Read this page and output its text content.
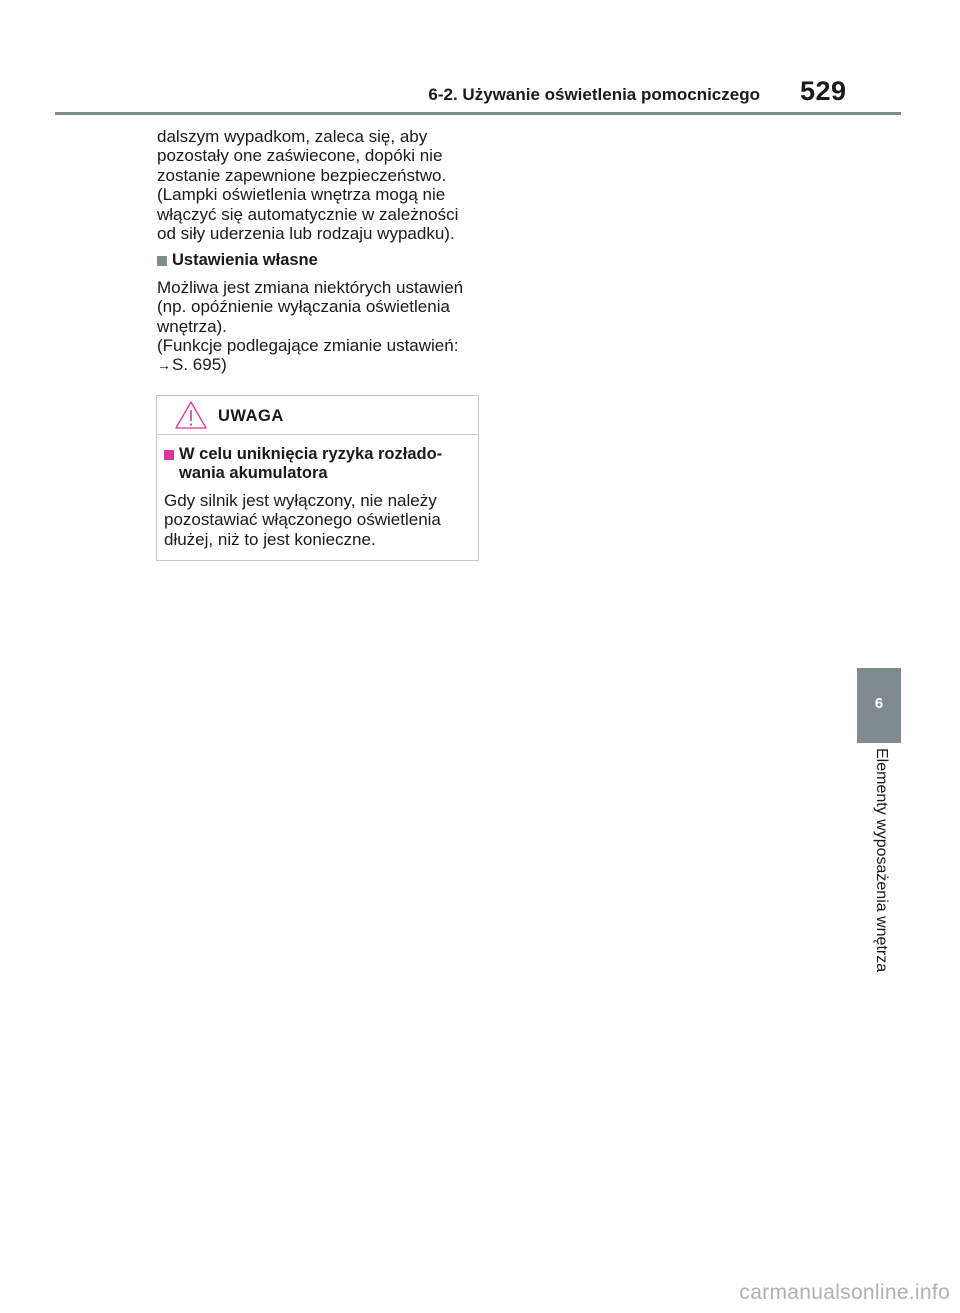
6-2. Używanie oświetlenia pomocniczego 529

dalszym wypadkom, zaleca się, aby

pozostały one zaświecone, dopóki nie

zostanie zapewnione bezpieczeństwo.

(Lampki oświetlenia wnętrza mogą nie

włączyć się automatycznie w zależności

od siły uderzenia lub rodzaju wypadku).

Ustawienia własne

Możliwa jest zmiana niektórych ustawień

(np. opóźnienie wyłączania oświetlenia

wnętrza).

(Funkcje podlegające zmianie ustawień:

→S. 695)

UWAGA
W celu uniknięcia ryzyka rozłado-
wania akumulatora

Gdy silnik jest wyłączony, nie należy

pozostawiać włączonego oświetlenia

dłużej, niż to jest konieczne.

6
Elementy wyposażenia wnętrza
carmanualsonline.info
